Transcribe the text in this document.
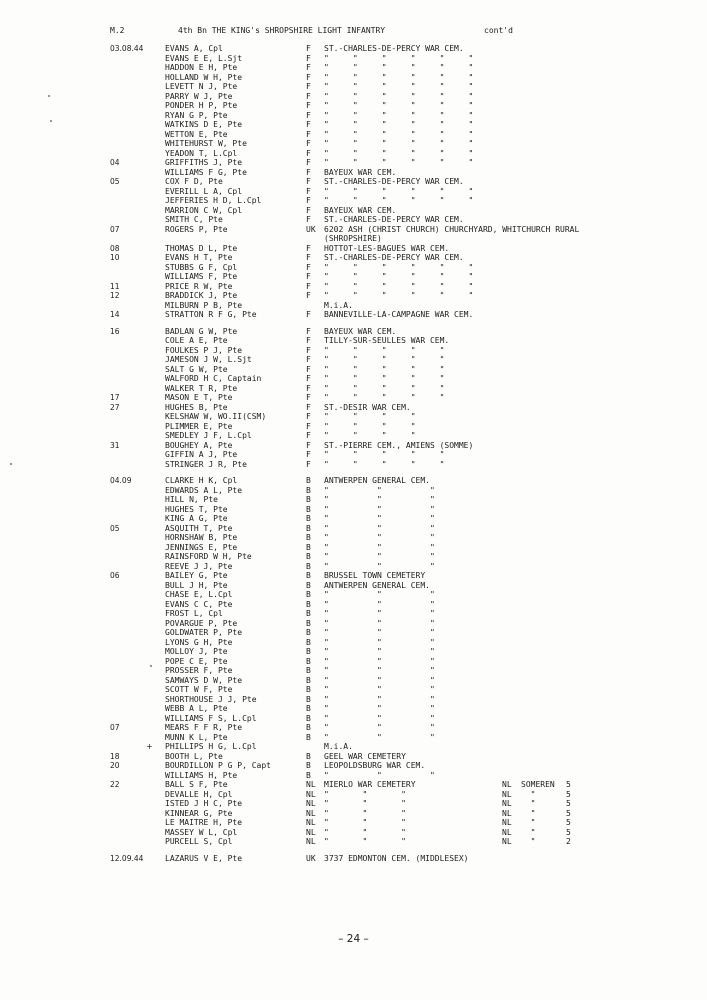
M.2	4th Bn THE KING's SHROPSHIRE LIGHT INFANTRY	cont'd
03.08.44	EVANS A, Cpl	F	ST.-CHARLES-DE-PERCY WAR CEM.
EVANS E E, L.Sjt	F	"     "     "     "     "     "
HADDON E H, Pte	F	"     "     "     "     "     "
HOLLAND W H, Pte	F	"     "     "     "     "     "
LEVETT N J, Pte	F	"     "     "     "     "     "
PARRY W J, Pte	F	"     "     "     "     "     "
PONDER H P, Pte	F	"     "     "     "     "     "
RYAN G P, Pte	F	"     "     "     "     "     "
WATKINS D E, Pte	F	"     "     "     "     "     "
WETTON E, Pte	F	"     "     "     "     "     "
WHITEHURST W, Pte	F	"     "     "     "     "     "
YEADON T, L.Cpl	F	"     "     "     "     "     "
04	GRIFFITHS J, Pte	F	"     "     "     "     "     "
WILLIAMS F G, Pte	F	BAYEUX WAR CEM.
05	COX F D, Pte	F	ST.-CHARLES-DE-PERCY WAR CEM.
EVERILL L A, Cpl	F	"     "     "     "     "     "
JEFFERIES H D, L.Cpl	F	"     "     "     "     "     "
MARRION C W, Cpl	F	BAYEUX WAR CEM.
SMITH C, Pte	F	ST.-CHARLES-DE-PERCY WAR CEM.
07	ROGERS P, Pte	UK	6202 ASH (CHRIST CHURCH) CHURCHYARD, WHITCHURCH RURAL
(SHROPSHIRE)
08	THOMAS D L, Pte	F	HOTTOT-LES-BAGUES WAR CEM.
10	EVANS H T, Pte	F	ST.-CHARLES-DE-PERCY WAR CEM.
STUBBS G F, Cpl	F	"     "     "     "     "     "
WILLIAMS F, Pte	F	"     "     "     "     "     "
11	PRICE R W, Pte	F	"     "     "     "     "     "
12	BRADDICK J, Pte	F	"     "     "     "     "     "
MILBURN P B, Pte	M.i.A.
14	STRATTON R F G, Pte	F	BANNEVILLE-LA-CAMPAGNE WAR CEM.
16	BADLAN G W, Pte	F	BAYEUX WAR CEM.
COLE A E, Pte	F	TILLY-SUR-SEULLES WAR CEM.
FOULKES P J, Pte	F	"     "     "     "     "
JAMESON J W, L.Sjt	F	"     "     "     "     "
SALT G W, Pte	F	"     "     "     "     "
WALFORD H C, Captain	F	"     "     "     "     "
WALKER T R, Pte	F	"     "     "     "     "
17	MASON E T, Pte	F	"     "     "     "     "
27	HUGHES B, Pte	F	ST.-DESIR WAR CEM.
KELSHAW W, WO.II(CSM)	F	"     "     "     "
PLIMMER E, Pte	F	"     "     "     "
SMEDLEY J F, L.Cpl	F	"     "     "     "
31	BOUGHEY A, Pte	F	ST.-PIERRE CEM., AMIENS (SOMME)
GIFFIN A J, Pte	F	"     "     "     "     "
STRINGER J R, Pte	F	"     "     "     "     "
04.09	CLARKE H K, Cpl	B	ANTWERPEN GENERAL CEM.
EDWARDS A L, Pte	B	"          "          "
HILL N, Pte	B	"          "          "
HUGHES T, Pte	B	"          "          "
KING A G, Pte	B	"          "          "
05	ASQUITH T, Pte	B	"          "          "
HORNSHAW B, Pte	B	"          "          "
JENNINGS E, Pte	B	"          "          "
RAINSFORD W H, Pte	B	"          "          "
REEVE J J, Pte	B	"          "          "
06	BAILEY G, Pte	B	BRUSSEL TOWN CEMETERY
BULL J H, Pte	B	ANTWERPEN GENERAL CEM.
CHASE E, L.Cpl	B	"          "          "
EVANS C C, Pte	B	"          "          "
FROST L, Cpl	B	"          "          "
POVARGUE P, Pte	B	"          "          "
GOLDWATER P, Pte	B	"          "          "
LYONS G H, Pte	B	"          "          "
MOLLOY J, Pte	B	"          "          "
POPE C E, Pte	B	"          "          "
PROSSER F, Pte	B	"          "          "
SAMWAYS D W, Pte	B	"          "          "
SCOTT W F, Pte	B	"          "          "
SHORTHOUSE J J, Pte	B	"          "          "
WEBB A L, Pte	B	"          "          "
WILLIAMS F S, L.Cpl	B	"          "          "
07	MEARS F F R, Pte	B	"          "          "
MUNN K L, Pte	B	"          "          "
+	PHILLIPS H G, L.Cpl	M.i.A.
18	BOOTH L, Pte	B	GEEL WAR CEMETERY
20	BOURDILLON P G P, Capt	B	LEOPOLDSBURG WAR CEM.
WILLIAMS H, Pte	B	"          "          "
22	BALL S F, Pte	NL	MIERLO WAR CEMETERY	NL	SOMEREN	5
DEVALLE H, Cpl	NL	"       "       "	NL	"	5
ISTED J H C, Pte	NL	"       "       "	NL	"	5
KINNEAR G, Pte	NL	"       "       "	NL	"	5
LE MAITRE H, Pte	NL	"       "       "	NL	"	5
MASSEY W L, Cpl	NL	"       "       "	NL	"	5
PURCELL S, Cpl	NL	"       "       "	NL	"	2
12.09.44	LAZARUS V E, Pte	UK	3737 EDMONTON CEM. (MIDDLESEX)
– 24 –
